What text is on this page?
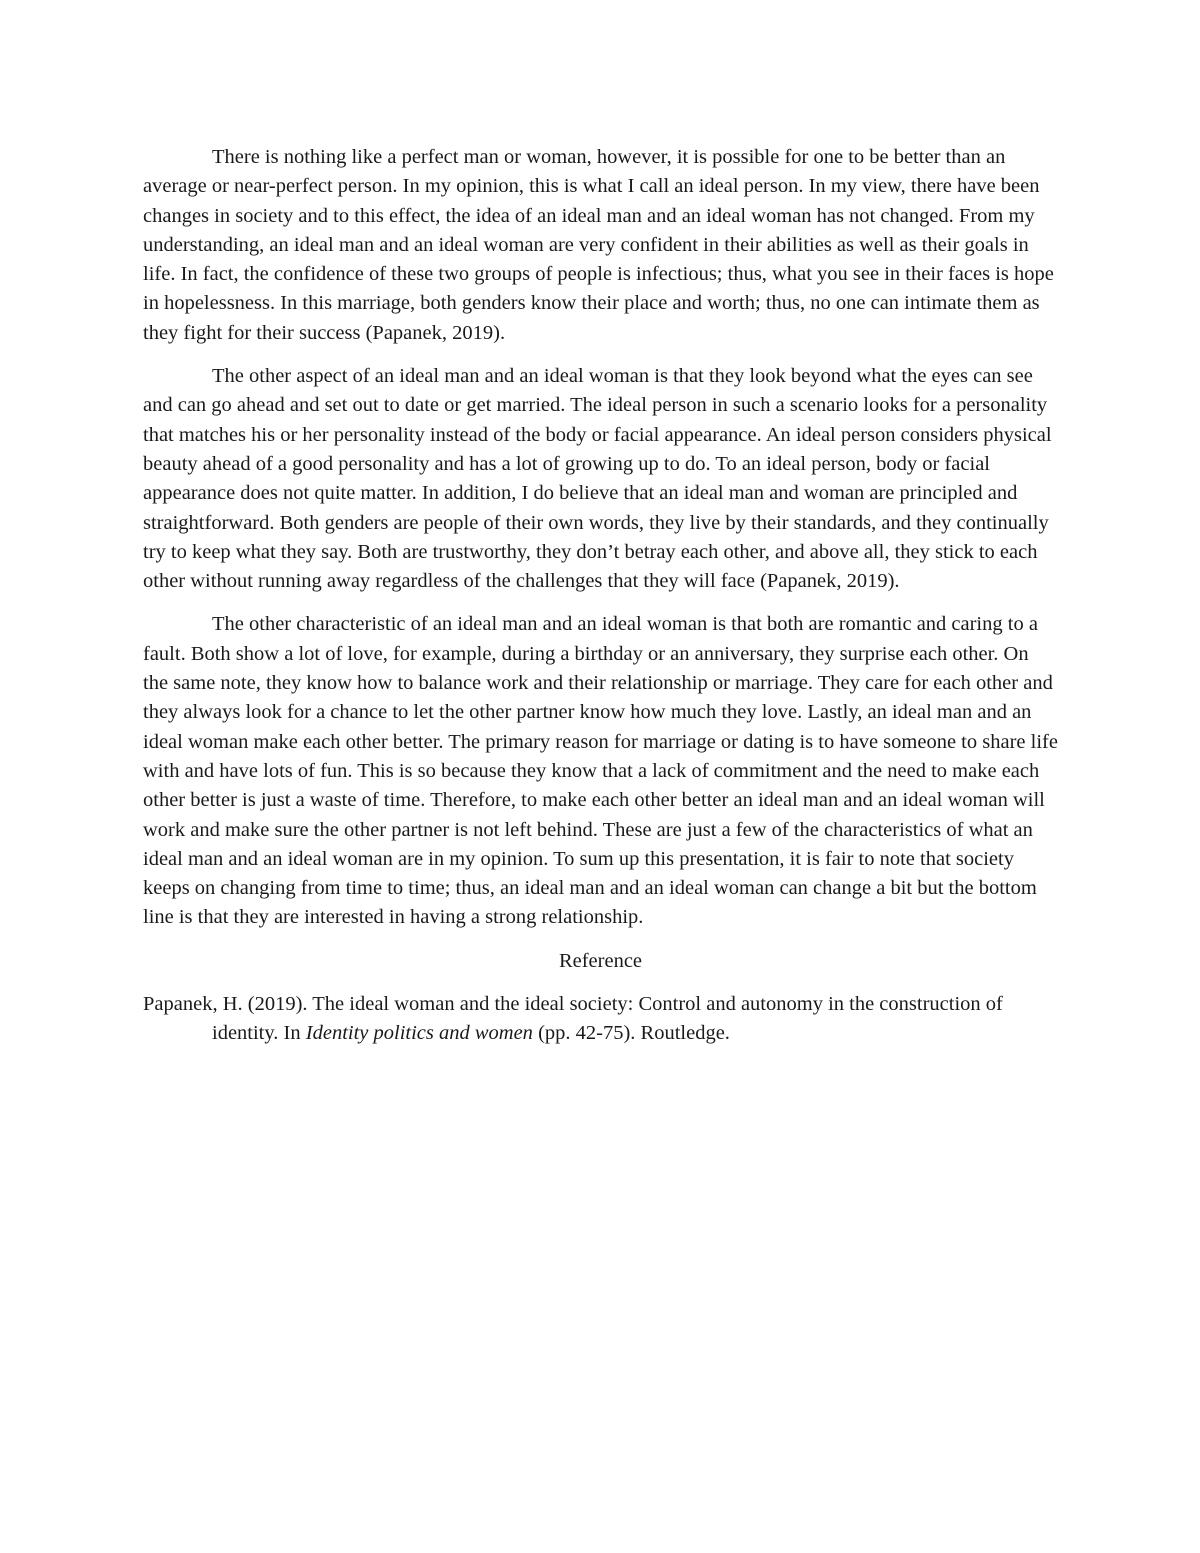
There is nothing like a perfect man or woman, however, it is possible for one to be better than an average or near-perfect person. In my opinion, this is what I call an ideal person. In my view, there have been changes in society and to this effect, the idea of an ideal man and an ideal woman has not changed. From my understanding, an ideal man and an ideal woman are very confident in their abilities as well as their goals in life. In fact, the confidence of these two groups of people is infectious; thus, what you see in their faces is hope in hopelessness. In this marriage, both genders know their place and worth; thus, no one can intimate them as they fight for their success (Papanek, 2019).

The other aspect of an ideal man and an ideal woman is that they look beyond what the eyes can see and can go ahead and set out to date or get married. The ideal person in such a scenario looks for a personality that matches his or her personality instead of the body or facial appearance. An ideal person considers physical beauty ahead of a good personality and has a lot of growing up to do. To an ideal person, body or facial appearance does not quite matter. In addition, I do believe that an ideal man and woman are principled and straightforward. Both genders are people of their own words, they live by their standards, and they continually try to keep what they say. Both are trustworthy, they don’t betray each other, and above all, they stick to each other without running away regardless of the challenges that they will face (Papanek, 2019).

The other characteristic of an ideal man and an ideal woman is that both are romantic and caring to a fault. Both show a lot of love, for example, during a birthday or an anniversary, they surprise each other. On the same note, they know how to balance work and their relationship or marriage. They care for each other and they always look for a chance to let the other partner know how much they love. Lastly, an ideal man and an ideal woman make each other better. The primary reason for marriage or dating is to have someone to share life with and have lots of fun. This is so because they know that a lack of commitment and the need to make each other better is just a waste of time. Therefore, to make each other better an ideal man and an ideal woman will work and make sure the other partner is not left behind. These are just a few of the characteristics of what an ideal man and an ideal woman are in my opinion. To sum up this presentation, it is fair to note that society keeps on changing from time to time; thus, an ideal man and an ideal woman can change a bit but the bottom line is that they are interested in having a strong relationship.

Reference

Papanek, H. (2019). The ideal woman and the ideal society: Control and autonomy in the construction of identity. In Identity politics and women (pp. 42-75). Routledge.
